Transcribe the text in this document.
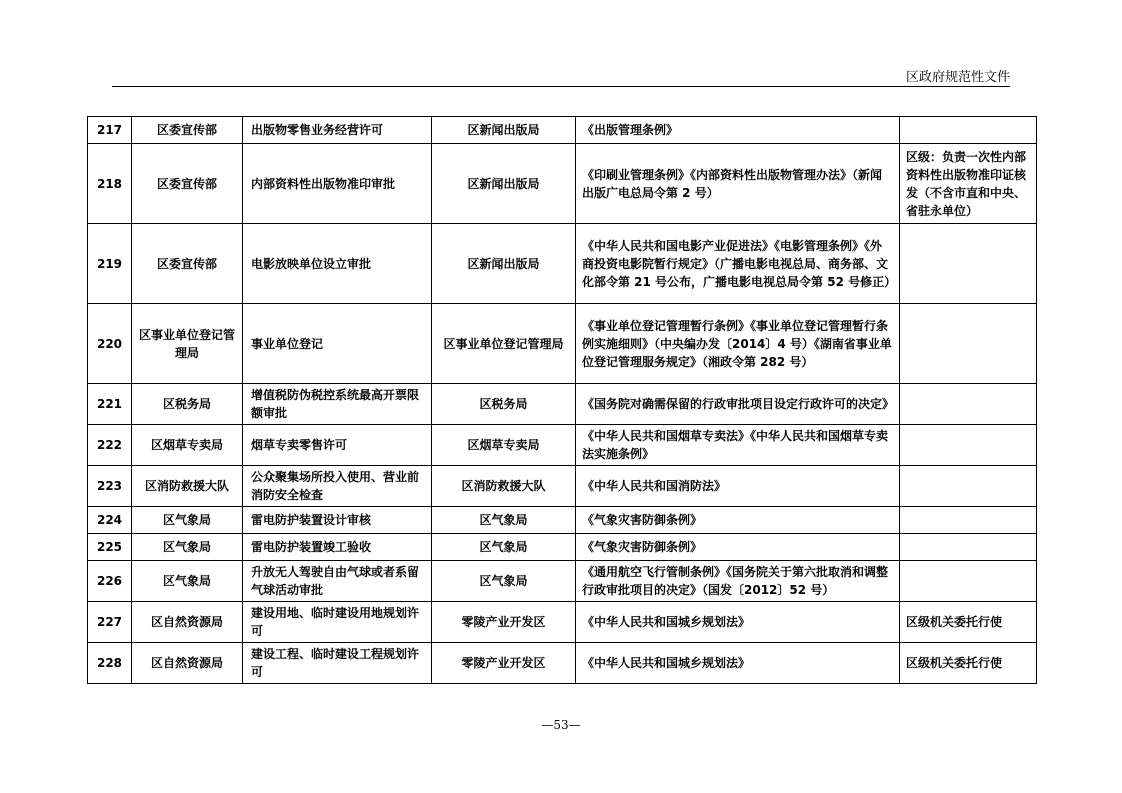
区政府规范性文件
217	区委宣传部	出版物零售业务经营许可	区新闻出版局	《出版管理条例》	
218	区委宣传部	内部资料性出版物准印审批	区新闻出版局	《印刷业管理条例》《内部资料性出版物管理办法》（新闻出版广电总局令第 2 号）	区级：负责一次性内部资料性出版物准印证核发（不含市直和中央、省驻永单位）
219	区委宣传部	电影放映单位设立审批	区新闻出版局	《中华人民共和国电影产业促进法》《电影管理条例》《外商投资电影院暂行规定》（广播电影电视总局、商务部、文化部令第 21 号公布，广播电影电视总局令第 52 号修正）	
220	区事业单位登记管理局	事业单位登记	区事业单位登记管理局	《事业单位登记管理暂行条例》《事业单位登记管理暂行条例实施细则》（中央编办发〔2014〕4 号）《湖南省事业单位登记管理服务规定》（湘政令第 282 号）	
221	区税务局	增值税防伪税控系统最高开票限额审批	区税务局	《国务院对确需保留的行政审批项目设定行政许可的决定》	
222	区烟草专卖局	烟草专卖零售许可	区烟草专卖局	《中华人民共和国烟草专卖法》《中华人民共和国烟草专卖法实施条例》	
223	区消防救援大队	公众聚集场所投入使用、营业前消防安全检查	区消防救援大队	《中华人民共和国消防法》	
224	区气象局	雷电防护装置设计审核	区气象局	《气象灾害防御条例》	
225	区气象局	雷电防护装置竣工验收	区气象局	《气象灾害防御条例》	
226	区气象局	升放无人驾驶自由气球或者系留气球活动审批	区气象局	《通用航空飞行管制条例》《国务院关于第六批取消和调整行政审批项目的决定》（国发〔2012〕52 号）	
227	区自然资源局	建设用地、临时建设用地规划许可	零陵产业开发区	《中华人民共和国城乡规划法》	区级机关委托行使
228	区自然资源局	建设工程、临时建设工程规划许可	零陵产业开发区	《中华人民共和国城乡规划法》	区级机关委托行使
—53—
